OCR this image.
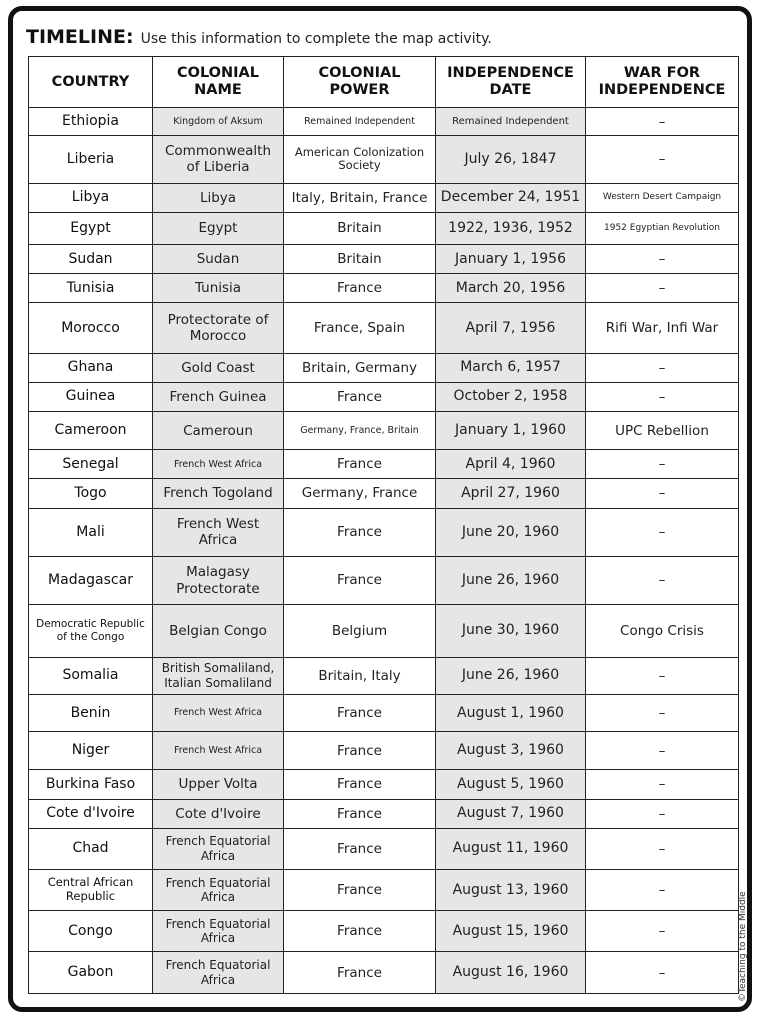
TIMELINE: Use this information to complete the map activity.
COUNTRY	COLONIAL NAME	COLONIAL POWER	INDEPENDENCE DATE	WAR FOR INDEPENDENCE
Ethiopia	Kingdom of Aksum	Remained Independent	Remained Independent	–
Liberia	Commonwealth of Liberia	American Colonization Society	July 26, 1847	–
Libya	Libya	Italy, Britain, France	December 24, 1951	Western Desert Campaign
Egypt	Egypt	Britain	1922, 1936, 1952	1952 Egyptian Revolution
Sudan	Sudan	Britain	January 1, 1956	–
Tunisia	Tunisia	France	March 20, 1956	–
Morocco	Protectorate of Morocco	France, Spain	April 7, 1956	Rifi War, Infi War
Ghana	Gold Coast	Britain, Germany	March 6, 1957	–
Guinea	French Guinea	France	October 2, 1958	–
Cameroon	Cameroun	Germany, France, Britain	January 1, 1960	UPC Rebellion
Senegal	French West Africa	France	April 4, 1960	–
Togo	French Togoland	Germany, France	April 27, 1960	–
Mali	French West Africa	France	June 20, 1960	–
Madagascar	Malagasy Protectorate	France	June 26, 1960	–
Democratic Republic of the Congo	Belgian Congo	Belgium	June 30, 1960	Congo Crisis
Somalia	British Somaliland, Italian Somaliland	Britain, Italy	June 26, 1960	–
Benin	French West Africa	France	August 1, 1960	–
Niger	French West Africa	France	August 3, 1960	–
Burkina Faso	Upper Volta	France	August 5, 1960	–
Cote d'Ivoire	Cote d'Ivoire	France	August 7, 1960	–
Chad	French Equatorial Africa	France	August 11, 1960	–
Central African Republic	French Equatorial Africa	France	August 13, 1960	–
Congo	French Equatorial Africa	France	August 15, 1960	–
Gabon	French Equatorial Africa	France	August 16, 1960	–	©Teaching to the Middle
